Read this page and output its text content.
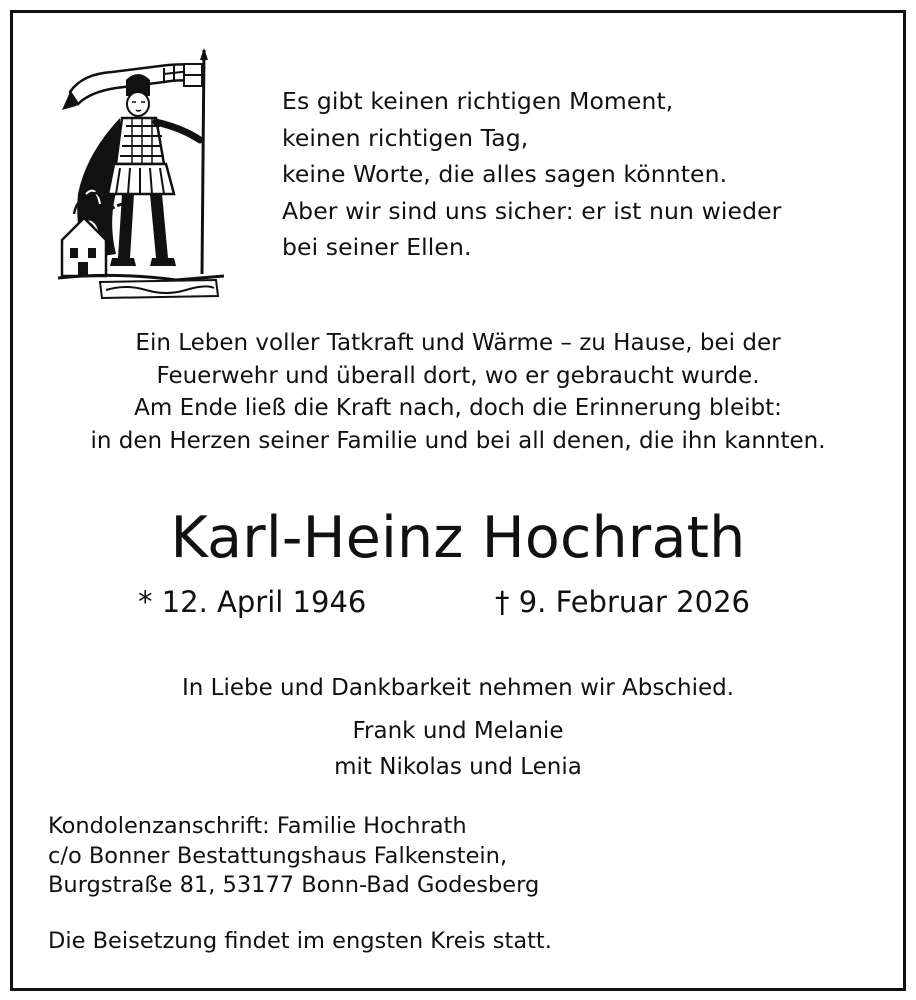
Es gibt keinen richtigen Moment,
keinen richtigen Tag,
keine Worte, die alles sagen könnten.
Aber wir sind uns sicher: er ist nun wieder
bei seiner Ellen.
Ein Leben voller Tatkraft und Wärme – zu Hause, bei der
Feuerwehr und überall dort, wo er gebraucht wurde.
Am Ende ließ die Kraft nach, doch die Erinnerung bleibt:
in den Herzen seiner Familie und bei all denen, die ihn kannten.
Karl-Heinz Hochrath
* 12. April 1946	† 9. Februar 2026
In Liebe und Dankbarkeit nehmen wir Abschied.
Frank und Melanie
mit Nikolas und Lenia
Kondolenzanschrift: Familie Hochrath
c/o Bonner Bestattungshaus Falkenstein,
Burgstraße 81, 53177 Bonn-Bad Godesberg
Die Beisetzung findet im engsten Kreis statt.
